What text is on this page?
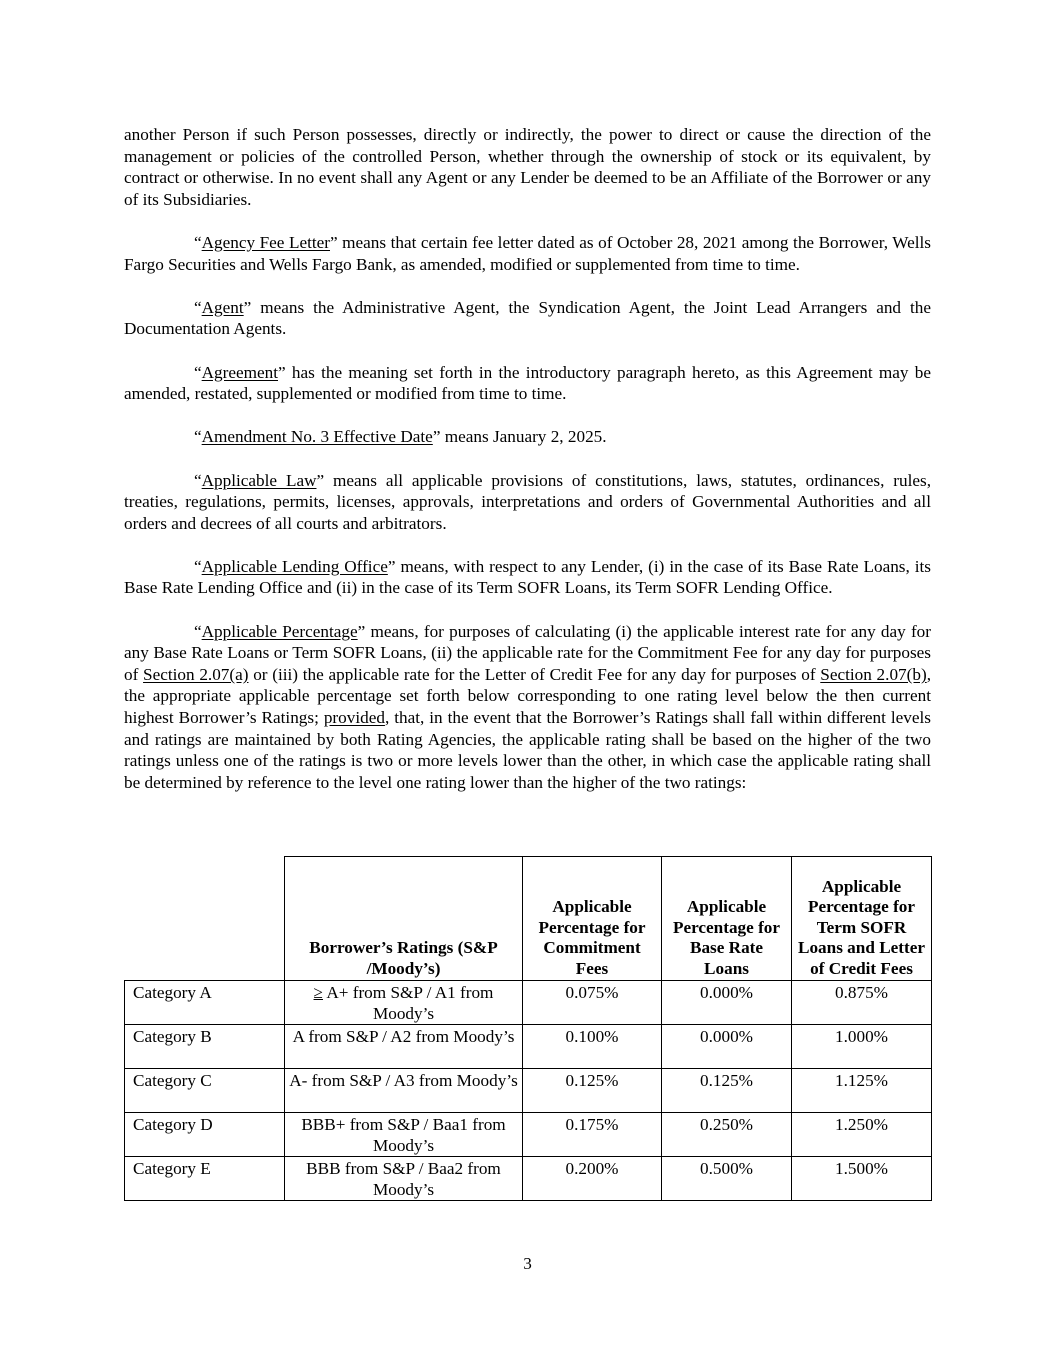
another Person if such Person possesses, directly or indirectly, the power to direct or cause the direction of the management or policies of the controlled Person, whether through the ownership of stock or its equivalent, by contract or otherwise. In no event shall any Agent or any Lender be deemed to be an Affiliate of the Borrower or any of its Subsidiaries.

“Agency Fee Letter” means that certain fee letter dated as of October 28, 2021 among the Borrower, Wells Fargo Securities and Wells Fargo Bank, as amended, modified or supplemented from time to time.

“Agent” means the Administrative Agent, the Syndication Agent, the Joint Lead Arrangers and the Documentation Agents.

“Agreement” has the meaning set forth in the introductory paragraph hereto, as this Agreement may be amended, restated, supplemented or modified from time to time.

“Amendment No. 3 Effective Date” means January 2, 2025.

“Applicable Law” means all applicable provisions of constitutions, laws, statutes, ordinances, rules, treaties, regulations, permits, licenses, approvals, interpretations and orders of Governmental Authorities and all orders and decrees of all courts and arbitrators.

“Applicable Lending Office” means, with respect to any Lender, (i) in the case of its Base Rate Loans, its Base Rate Lending Office and (ii) in the case of its Term SOFR Loans, its Term SOFR Lending Office.

“Applicable Percentage” means, for purposes of calculating (i) the applicable interest rate for any day for any Base Rate Loans or Term SOFR Loans, (ii) the applicable rate for the Commitment Fee for any day for purposes of Section 2.07(a) or (iii) the applicable rate for the Letter of Credit Fee for any day for purposes of Section 2.07(b), the appropriate applicable percentage set forth below corresponding to one rating level below the then current highest Borrower’s Ratings; provided, that, in the event that the Borrower’s Ratings shall fall within different levels and ratings are maintained by both Rating Agencies, the applicable rating shall be based on the higher of the two ratings unless one of the ratings is two or more levels lower than the other, in which case the applicable rating shall be determined by reference to the level one rating lower than the higher of the two ratings:

	Borrower’s Ratings (S&P /Moody’s)	Applicable Percentage for Commitment Fees	Applicable Percentage for Base Rate Loans	Applicable Percentage for Term SOFR Loans and Letter of Credit Fees
Category A	≥ A+ from S&P / A1 from Moody’s	0.075%	0.000%	0.875%
Category B	A from S&P / A2 from Moody’s	0.100%	0.000%	1.000%
Category C	A- from S&P / A3 from Moody’s	0.125%	0.125%	1.125%
Category D	BBB+ from S&P / Baa1 from Moody’s	0.175%	0.250%	1.250%
Category E	BBB from S&P / Baa2 from Moody’s	0.200%	0.500%	1.500%
3
